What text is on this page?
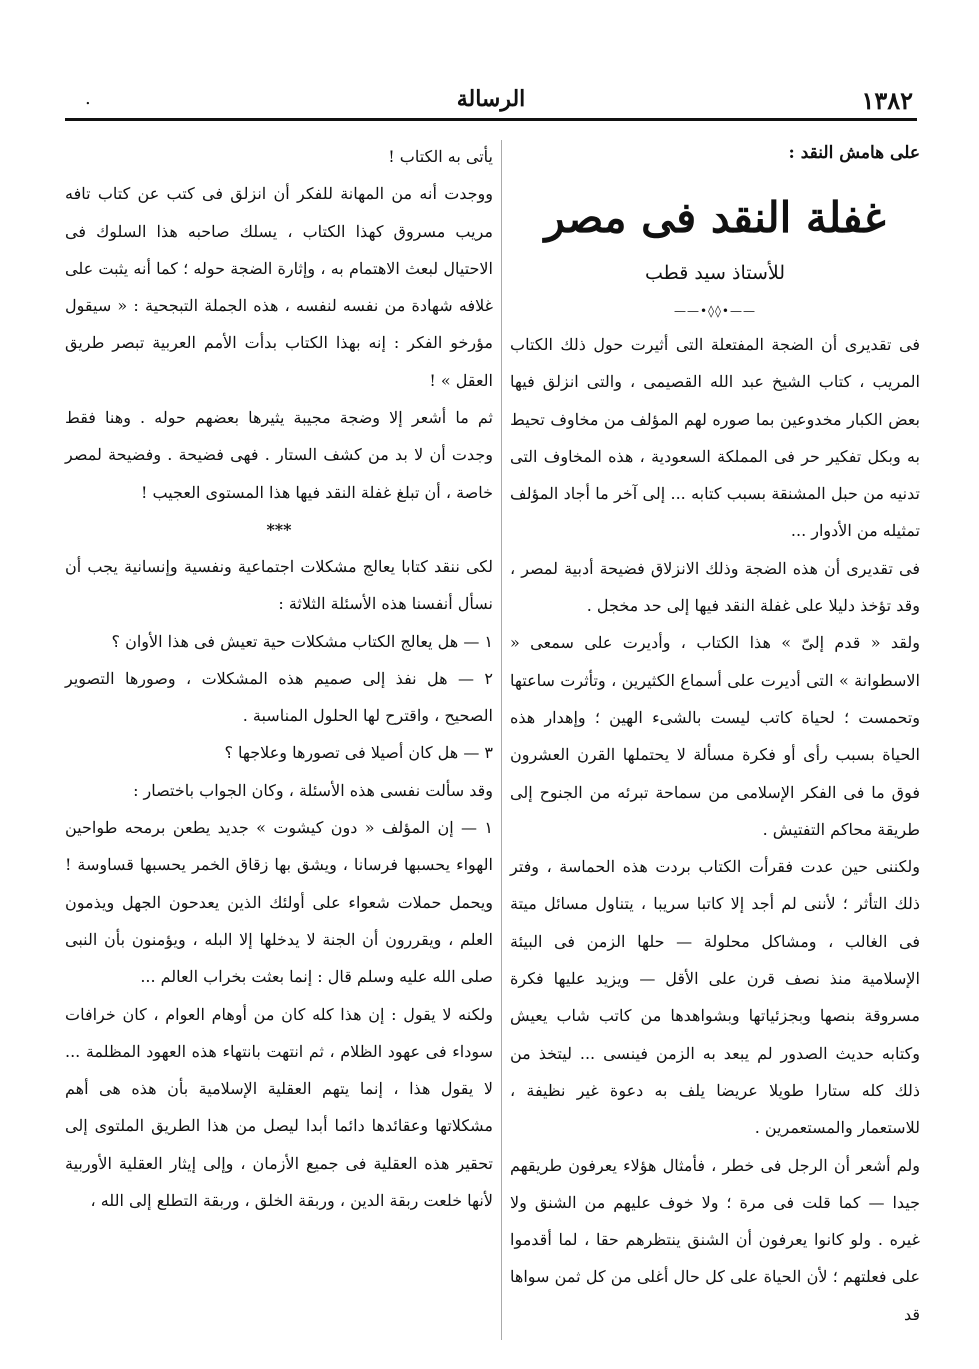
١٣٨٢
الرسالة
.

على هامش النقد :

غفلة النقد فى مصر

للأستاذ سيد قطب

——•◊◊•——

فى تقديرى أن الضجة المفتعلة التى أثيرت حول ذلك الكتاب المريب ، كتاب الشيخ عبد الله القصيمى ، والتى انزلق فيها بعض الكبار مخدوعين بما صوره لهم المؤلف من مخاوف تحيط به وبكل تفكير حر فى المملكة السعودية ، هذه المخاوف التى تدنيه من حبل المشنقة بسبب كتابه ... إلى آخر ما أجاد المؤلف تمثيله من الأدوار ...

فى تقديرى أن هذه الضجة وذلك الانزلاق فضيحة أدبية لمصر ، وقد تؤخذ دليلا على غفلة النقد فيها إلى حد مخجل .

ولقد « قدم إلىّ » هذا الكتاب ، وأديرت على سمعى « الاسطوانة » التى أديرت على أسماع الكثيرين ، وتأثرت ساعتها وتحمست ؛ لحياة كاتب ليست بالشىء الهين ؛ وإهدار هذه الحياة بسبب رأى أو فكرة مسألة لا يحتملها القرن العشرون فوق ما فى الفكر الإسلامى من سماحة تبرئه من الجنوح إلى طريقة محاكم التفتيش .

ولكننى حين عدت فقرأت الكتاب بردت هذه الحماسة ، وفتر ذلك التأثر ؛ لأننى لم أجد إلا كاتبا سريبا ، يتناول مسائل ميتة فى الغالب ، ومشاكل محلولة — حلها الزمن فى البيئة الإسلامية منذ نصف قرن على الأقل — ويزيد عليها فكرة مسروقة بنصها وبجزئياتها وبشواهدها من كاتب شاب يعيش وكتابه حديث الصدور لم يبعد به الزمن فينسى ... ليتخذ من ذلك كله ستارا طويلا عريضا يلف به دعوة غير نظيفة ، للاستعمار والمستعمرين .

ولم أشعر أن الرجل فى خطر ، فأمثال هؤلاء يعرفون طريقهم جيدا — كما قلت فى مرة ؛ ولا خوف عليهم من الشنق ولا غيره . ولو كانوا يعرفون أن الشنق ينتظرهم حقا ، لما أقدموا على فعلتهم ؛ لأن الحياة على كل حال أغلى من كل ثمن سواها قد

يأتى به الكتاب !

ووجدت أنه من المهانة للفكر أن انزلق فى كتب عن كتاب تافه مريب مسروق كهذا الكتاب ، يسلك صاحبه هذا السلوك فى الاحتيال لبعث الاهتمام به ، وإثارة الضجة حوله ؛ كما أنه يثبت على غلافه شهادة من نفسه لنفسه ، هذه الجملة التبجحية : « سيقول مؤرخو الفكر : إنه بهذا الكتاب بدأت الأمم العربية تبصر طريق العقل » !

ثم ما أشعر إلا وضجة مجيبة يثيرها بعضهم حوله . وهنا فقط وجدت أن لا بد من كشف الستار . فهى فضيحة . وفضيحة لمصر خاصة ، أن تبلغ غفلة النقد فيها هذا المستوى العجيب !

***

لكى ننقد كتابا يعالج مشكلات اجتماعية ونفسية وإنسانية يجب أن نسأل أنفسنا هذه الأسئلة الثلاثة :

١ — هل يعالج الكتاب مشكلات حية تعيش فى هذا الأوان ؟

٢ — هل نفذ إلى صميم هذه المشكلات ، وصورها التصوير الصحيح ، واقترح لها الحلول المناسبة .

٣ — هل كان أصيلا فى تصورها وعلاجها ؟

وقد سألت نفسى هذه الأسئلة ، وكان الجواب باختصار :

١ — إن المؤلف « دون كيشوت » جديد يطعن برمحه طواحين الهواء يحسبها فرسانا ، ويشق بها زقاق الخمر يحسبها قساوسة ! ويحمل حملات شعواء على أولئك الذين يعدحون الجهل ويذمون العلم ، ويقررون أن الجنة لا يدخلها إلا البله ، ويؤمنون بأن النبى صلى الله عليه وسلم قال : إنما بعثت بخراب العالم ...

ولكنه لا يقول : إن هذا كله كان من أوهام العوام ، كان خرافات سوداء فى عهود الظلام ، ثم انتهت بانتهاء هذه العهود المظلمة ... لا يقول هذا ، إنما يتهم العقلية الإسلامية بأن هذه هى أهم مشكلاتها وعقائدها دائما أبدا ليصل من هذا الطريق الملتوى إلى تحقير هذه العقلية فى جميع الأزمان ، وإلى إيثار العقلية الأوربية لأنها خلعت ربقة الدين ، وربقة الخلق ، وربقة التطلع إلى الله ،
